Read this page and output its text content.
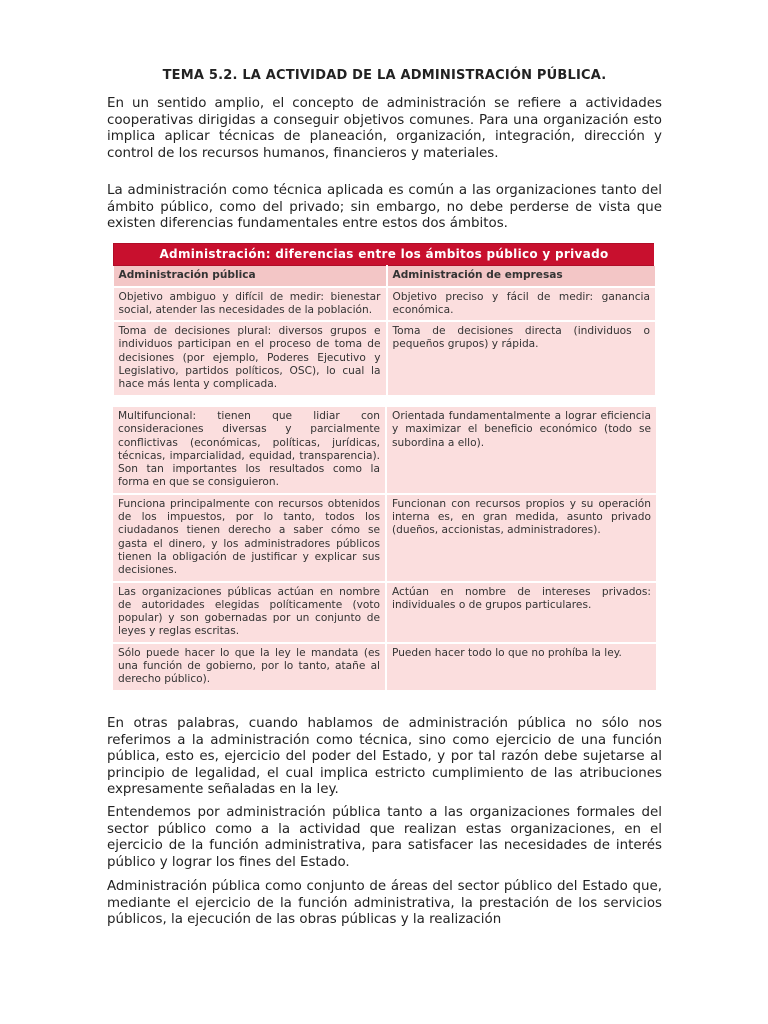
TEMA 5.2. LA ACTIVIDAD DE LA ADMINISTRACIÓN PÚBLICA.

En un sentido amplio, el concepto de administración se refiere a actividades cooperativas dirigidas a conseguir objetivos comunes. Para una organización esto implica aplicar técnicas de planeación, organización, integración, dirección y control de los recursos humanos, financieros y materiales.

La administración como técnica aplicada es común a las organizaciones tanto del ámbito público, como del privado; sin embargo, no debe perderse de vista que existen diferencias fundamentales entre estos dos ámbitos.

Administración: diferencias entre los ámbitos público y privado	
Administración pública	Administración de empresas
Objetivo ambiguo y difícil de medir: bienestar social, atender las necesidades de la población.	Objetivo preciso y fácil de medir: ganancia económica.
Toma de decisiones plural: diversos grupos e individuos participan en el proceso de toma de decisiones (por ejemplo, Poderes Ejecutivo y Legislativo, partidos políticos, OSC), lo cual la hace más lenta y complicada.	Toma de decisiones directa (individuos o pequeños grupos) y rápida.
Multifuncional: tienen que lidiar con consideraciones diversas y parcialmente conflictivas (económicas, políticas, jurídicas, técnicas, imparcialidad, equidad, transparencia). Son tan importantes los resultados como la forma en que se consiguieron.	Orientada fundamentalmente a lograr eficiencia y maximizar el beneficio económico (todo se subordina a ello).
Funciona principalmente con recursos obtenidos de los impuestos, por lo tanto, todos los ciudadanos tienen derecho a saber cómo se gasta el dinero, y los administradores públicos tienen la obligación de justificar y explicar sus decisiones.	Funcionan con recursos propios y su operación interna es, en gran medida, asunto privado (dueños, accionistas, administradores).
Las organizaciones públicas actúan en nombre de autoridades elegidas políticamente (voto popular) y son gobernadas por un conjunto de leyes y reglas escritas.	Actúan en nombre de intereses privados: individuales o de grupos particulares.
Sólo puede hacer lo que la ley le mandata (es una función de gobierno, por lo tanto, atañe al derecho público).	Pueden hacer todo lo que no prohíba la ley.

En otras palabras, cuando hablamos de administración pública no sólo nos referimos a la administración como técnica, sino como ejercicio de una función pública, esto es, ejercicio del poder del Estado, y por tal razón debe sujetarse al principio de legalidad, el cual implica estricto cumplimiento de las atribuciones expresamente señaladas en la ley.

Entendemos por administración pública tanto a las organizaciones formales del sector público como a la actividad que realizan estas organizaciones, en el ejercicio de la función administrativa, para satisfacer las necesidades de interés público y lograr los fines del Estado.

Administración pública como conjunto de áreas del sector público del Estado que, mediante el ejercicio de la función administrativa, la prestación de los servicios públicos, la ejecución de las obras públicas y la realización
